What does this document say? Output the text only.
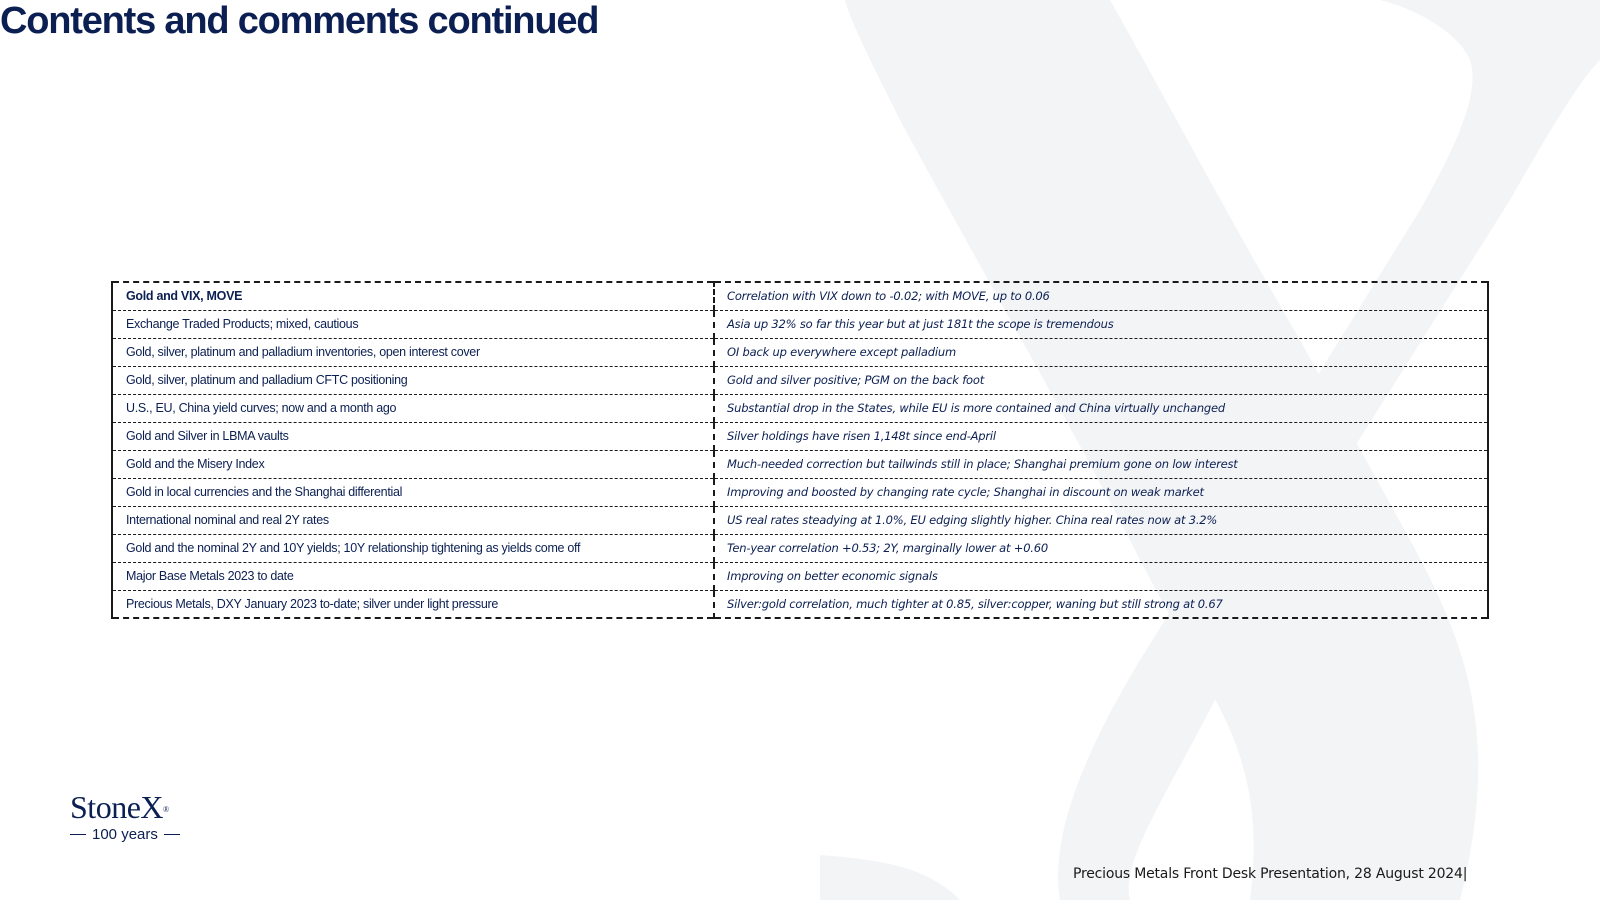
Contents and comments continued
Gold and VIX, MOVE	Correlation with VIX down to -0.02; with MOVE, up to 0.06
Exchange Traded Products; mixed, cautious	Asia up 32% so far this year but at just 181t the scope is tremendous
Gold, silver, platinum and palladium inventories, open interest cover	OI back up everywhere except palladium
Gold, silver, platinum and palladium CFTC positioning	Gold and silver positive; PGM on the back foot
U.S., EU, China yield curves; now and a month ago	Substantial drop in the States, while EU is more contained and China virtually unchanged
Gold and Silver in LBMA vaults	Silver holdings have risen 1,148t since end-April
Gold and the Misery Index	Much-needed correction but tailwinds still in place; Shanghai premium gone on low interest
Gold in local currencies and the Shanghai differential	Improving and boosted by changing rate cycle; Shanghai in discount on weak market
International nominal and real 2Y rates	US real rates steadying at 1.0%, EU edging slightly higher. China real rates now at 3.2%
Gold and the nominal 2Y and 10Y yields; 10Y relationship tightening as yields come off	Ten-year correlation +0.53; 2Y, marginally lower at +0.60
Major Base Metals 2023 to date	Improving on better economic signals
Precious Metals, DXY January 2023 to-date; silver under light pressure	Silver:gold correlation, much tighter at 0.85, silver:copper, waning but still strong at 0.67
StoneX®
100 years
Precious Metals Front Desk Presentation, 28 August 2024|
